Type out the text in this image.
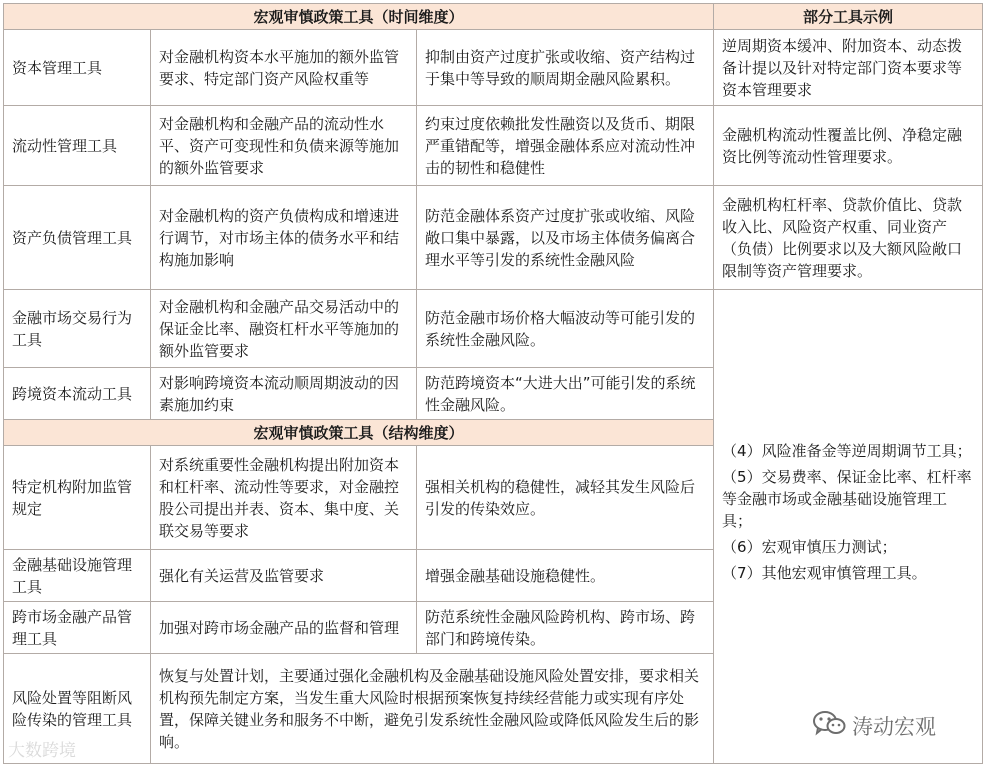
宏观审慎政策工具（时间维度）			部分工具示例
资本管理工具	对金融机构资本水平施加的额外监管要求、特定部门资产风险权重等	抑制由资产过度扩张或收缩、资产结构过于集中等导致的顺周期金融风险累积。	逆周期资本缓冲、附加资本、动态拨备计提以及针对特定部门资本要求等资本管理要求
流动性管理工具	对金融机构和金融产品的流动性水平、资产可变现性和负债来源等施加的额外监管要求	约束过度依赖批发性融资以及货币、期限严重错配等，增强金融体系应对流动性冲击的韧性和稳健性	金融机构流动性覆盖比例、净稳定融资比例等流动性管理要求。
资产负债管理工具	对金融机构的资产负债构成和增速进行调节，对市场主体的债务水平和结构施加影响	防范金融体系资产过度扩张或收缩、风险敞口集中暴露，以及市场主体债务偏离合理水平等引发的系统性金融风险	金融机构杠杆率、贷款价值比、贷款收入比、风险资产权重、同业资产（负债）比例要求以及大额风险敞口限制等资产管理要求。
金融市场交易行为工具	对金融机构和金融产品交易活动中的保证金比率、融资杠杆水平等施加的额外监管要求	防范金融市场价格大幅波动等可能引发的系统性金融风险。	（4）风险准备金等逆周期调节工具；
（5）交易费率、保证金比率、杠杆率等金融市场或金融基础设施管理工具；
（6）宏观审慎压力测试；
（7）其他宏观审慎管理工具。

跨境资本流动工具	对影响跨境资本流动顺周期波动的因素施加约束	防范跨境资本“大进大出”可能引发的系统性金融风险。	
宏观审慎政策工具（结构维度）			
特定机构附加监管规定	对系统重要性金融机构提出附加资本和杠杆率、流动性等要求，对金融控股公司提出并表、资本、集中度、关联交易等要求	强相关机构的稳健性，减轻其发生风险后引发的传染效应。	
金融基础设施管理工具	强化有关运营及监管要求	增强金融基础设施稳健性。	
跨市场金融产品管理工具	加强对跨市场金融产品的监督和管理	防范系统性金融风险跨机构、跨市场、跨部门和跨境传染。	
风险处置等阻断风险传染的管理工具	恢复与处置计划，主要通过强化金融机构及金融基础设施风险处置安排，要求相关机构预先制定方案，当发生重大风险时根据预案恢复持续经营能力或实现有序处置，保障关键业务和服务不中断，避免引发系统性金融风险或降低风险发生后的影响。		
大数跨境
涛动宏观
